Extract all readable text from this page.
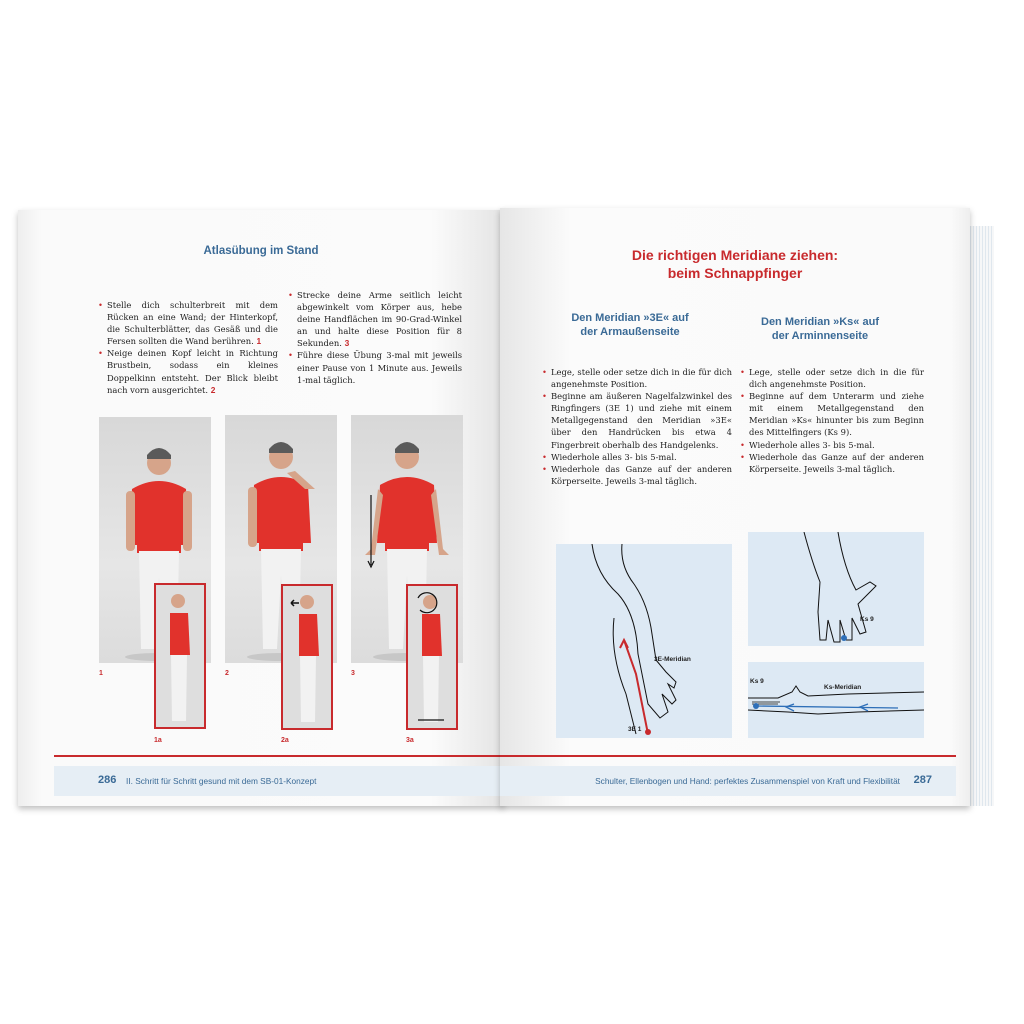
Atlasübung im Stand
• Stelle dich schulterbreit mit dem Rücken an eine Wand; der Hinterkopf, die Schulterblätter, das Gesäß und die Fersen sollten die Wand berühren. 1
• Neige deinen Kopf leicht in Richtung Brustbein, sodass ein kleines Doppelkinn entsteht. Der Blick bleibt nach vorn ausgerichtet. 2
• Strecke deine Arme seitlich leicht abgewinkelt vom Körper aus, hebe deine Handflächen im 90-Grad-Winkel an und halte diese Position für 8 Sekunden. 3
• Führe diese Übung 3-mal mit jeweils einer Pause von 1 Minute aus. Jeweils 1-mal täglich.
1	2	3
1a	2a	3a
286 II. Schritt für Schritt gesund mit dem SB-01-Konzept
Die richtigen Meridiane ziehen:
beim Schnappfinger
Den Meridian »3E« auf
der Armaußenseite
Den Meridian »Ks« auf
der Arminnenseite
• Lege, stelle oder setze dich in die für dich angenehmste Position.
• Beginne am äußeren Nagelfalzwinkel des Ringfingers (3E 1) und ziehe mit einem Metallgegenstand den Meridian »3E« über den Handrücken bis etwa 4 Fingerbreit oberhalb des Handgelenks.
• Wiederhole alles 3- bis 5-mal.
• Wiederhole das Ganze auf der anderen Körperseite. Jeweils 3-mal täglich.
• Lege, stelle oder setze dich in die für dich angenehmste Position.
• Beginne auf dem Unterarm und ziehe mit einem Metallgegenstand den Meridian »Ks« hinunter bis zum Beginn des Mittelfingers (Ks 9).
• Wiederhole alles 3- bis 5-mal.
• Wiederhole das Ganze auf der anderen Körperseite. Jeweils 3-mal täglich.
3E-Meridian
3E 1
Ks 9
Ks 9
Ks-Meridian
Schulter, Ellenbogen und Hand: perfektes Zusammenspiel von Kraft und Flexibilität 287
